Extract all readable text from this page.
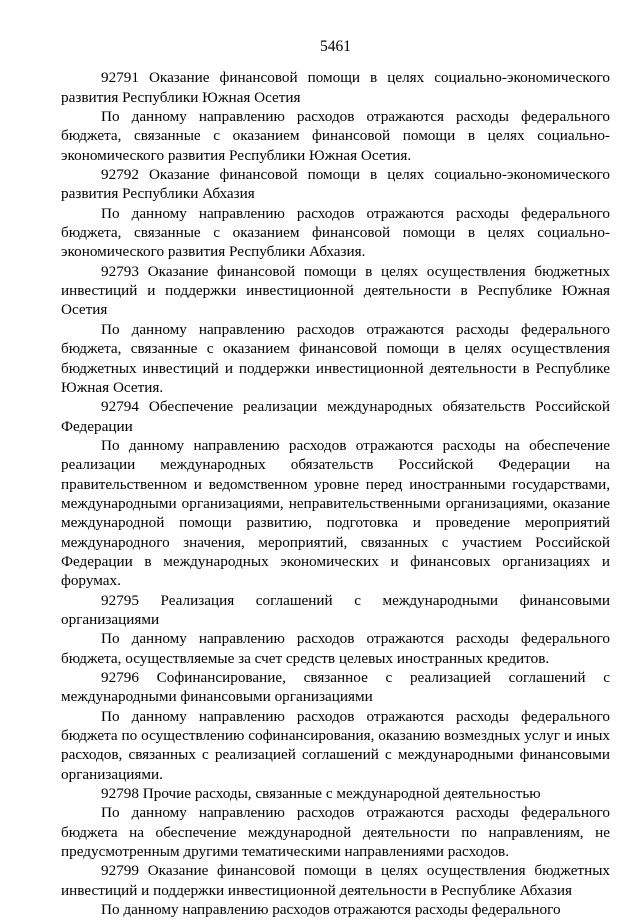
5461

92791 Оказание финансовой помощи в целях социально-экономического развития Республики Южная Осетия

По данному направлению расходов отражаются расходы федерального бюджета, связанные с оказанием финансовой помощи в целях социально-экономического развития Республики Южная Осетия.

92792 Оказание финансовой помощи в целях социально-экономического развития Республики Абхазия

По данному направлению расходов отражаются расходы федерального бюджета, связанные с оказанием финансовой помощи в целях социально-экономического развития Республики Абхазия.

92793 Оказание финансовой помощи в целях осуществления бюджетных инвестиций и поддержки инвестиционной деятельности в Республике Южная Осетия

По данному направлению расходов отражаются расходы федерального бюджета, связанные с оказанием финансовой помощи в целях осуществления бюджетных инвестиций и поддержки инвестиционной деятельности в Республике Южная Осетия.

92794 Обеспечение реализации международных обязательств Российской Федерации

По данному направлению расходов отражаются расходы на обеспечение реализации международных обязательств Российской Федерации на правительственном и ведомственном уровне перед иностранными государствами, международными организациями, неправительственными организациями, оказание международной помощи развитию, подготовка и проведение мероприятий международного значения, мероприятий, связанных с участием Российской Федерации в международных экономических и финансовых организациях и форумах.

92795 Реализация соглашений с международными финансовыми организациями

По данному направлению расходов отражаются расходы федерального бюджета, осуществляемые за счет средств целевых иностранных кредитов.

92796 Софинансирование, связанное с реализацией соглашений с международными финансовыми организациями

По данному направлению расходов отражаются расходы федерального бюджета по осуществлению софинансирования, оказанию возмездных услуг и иных расходов, связанных с реализацией соглашений с международными финансовыми организациями.

92798 Прочие расходы, связанные с международной деятельностью

По данному направлению расходов отражаются расходы федерального бюджета на обеспечение международной деятельности по направлениям, не предусмотренным другими тематическими направлениями расходов.

92799 Оказание финансовой помощи в целях осуществления бюджетных инвестиций и поддержки инвестиционной деятельности в Республике Абхазия

По данному направлению расходов отражаются расходы федерального
